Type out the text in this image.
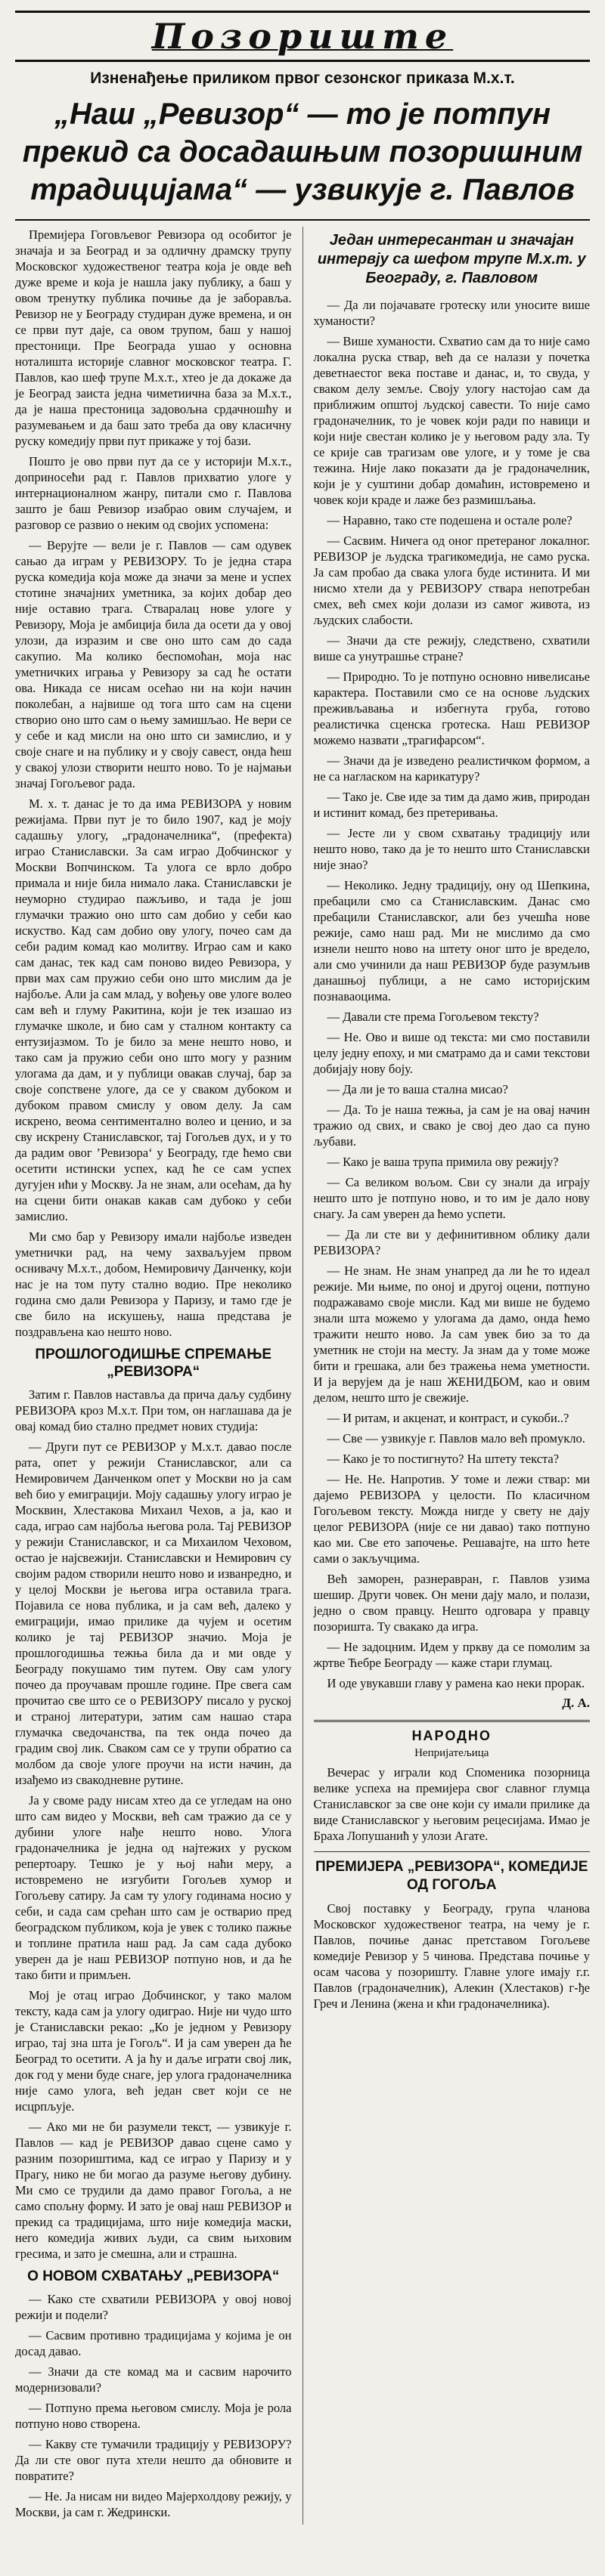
Позориште
Изненађење приликом првог сезонског приказа М.х.т.
„Наш „Ревизор“ — то је потпун прекид са досадашњим позоришним традицијама“ — узвикује г. Павлов

Премијера Гоговљевог Ревизора од особитог је значаја и за Београд и за одличну драмску трупу Московског художественог театра која је овде већ дуже време и која је нашла јаку публику, а баш у овом тренутку публика почиње да је заборавља. Ревизор не у Београду студиран дуже времена, и он се први пут даје, са овом трупом, баш у нашој престоници. Пре Београда ушао у основна ноталишта историје славног московског театра. Г. Павлов, као шеф трупе М.х.т., хтео је да докаже да је Београд заиста једна чиметиична база за М.х.т., да је наша престоница задовољна срдачношћу и разумевањем и да баш зато треба да ову класичну руску комедију први пут прикаже у тој бази.

Пошто је ово први пут да се у историји М.х.т., доприносећи рад г. Павлов прихватио улоге у интернационалном жанру, питали смо г. Павлова зашто је баш Ревизор изабрао овим случајем, и разговор се развио о неким од својих успомена:

— Верујте — вели је г. Павлов — сам одувек сањао да играм у РЕВИЗОРУ. То је једна стара руска комедија која може да значи за мене и успех стотине значајних уметника, за којих добар део није оставио трага. Стваралац нове улоге у Ревизору, Моја је амбиција била да осети да у овој улози, да изразим и све оно што сам до сада сакупио. Ма колико беспомоћан, моја нас уметничких играња у Ревизору за сад ће остати ова. Никада се нисам осећао ни на који начин поколебан, а највише од тога што сам на сцени створио оно што сам о њему замишљао. Не вери се у себе и кад мисли на оно што си замислио, и у своје снаге и на публику и у своју савест, онда ћеш у свакој улози створити нешто ново. То је најмањи значај Гогољевог рада.

М. х. т. данас је то да има РЕВИЗОРА у новим режијама. Први пут је то било 1907, кад је моју садашњу улогу, „градоначелника“, (префекта) играо Станиславски. За сам играо Добчинског у Москви Вопчинском. Та улога се врло добро примала и није била нимало лака. Станиславски је неуморно студирао пажљиво, и тада је још глумачки тражио оно што сам добио у себи као искуство. Кад сам добио ову улогу, почео сам да себи радим комад као молитву. Играо сам и како сам данас, тек кад сам поново видео Ревизора, у први мах сам пружио себи оно што мислим да је најбоље. Али ја сам млад, у вођењу ове улоге волео сам већ и глуму Ракитина, који је тек изашао из глумачке школе, и био сам у сталном контакту са ентузијазмом. То је било за мене нешто ново, и тако сам ја пружио себи оно што могу у разним улогама да дам, и у публици овакав случај, бар за своје сопствене улоге, да се у сваком дубоком и дубоком правом смислу у овом делу. Ја сам искрено, веома сентиментално волео и ценио, и за сву искрену Станиславског, тај Гогољев дух, и у то да радим овог ’Ревизора‘ у Београду, где ћемо сви осетити истински успех, кад ће се сам успех дугујен ићи у Москву. Ја не знам, али осећам, да ћу на сцени бити онакав какав сам дубоко у себи замислио.

Ми смо бар у Ревизору имали најбоље изведен уметнички рад, на чему захваљујем првом оснивачу М.х.т., добом, Немировичу Данченку, који нас је на том путу стално водио. Пре неколико година смо дали Ревизора у Паризу, и тамо где је све било на искушењу, наша представа је поздрављена као нешто ново.

ПРОШЛОГОДИШЊЕ СПРЕМАЊЕ „РЕВИЗОРА“

Затим г. Павлов наставља да прича даљу судбину РЕВИЗОРА кроз М.х.т. При том, он наглашава да је овај комад био стално предмет нових студија:

— Други пут се РЕВИЗОР у М.х.т. давао после рата, опет у режији Станиславског, али са Немировичем Данченком опет у Москви но ја сам већ био у емиграцији. Моју садашњу улогу играо је Москвин, Хлестакова Михаил Чехов, а ја, као и сада, играо сам најбоља његова рола. Тај РЕВИЗОР у режији Станиславског, и са Михаилом Чеховом, остао је најсвежији. Станиславски и Немирович су својим радом створили нешто ново и изванредно, и у целој Москви је његова игра оставила трага. Појавила се нова публика, и ја сам већ, далеко у емиграцији, имао прилике да чујем и осетим колико је тај РЕВИЗОР значио. Моја је прошлогодишња тежња била да и ми овде у Београду покушамо тим путем. Ову сам улогу почео да проучавам прошле године. Пре свега сам прочитао све што се о РЕВИЗОРУ писало у руској и страној литератури, затим сам нашао стара глумачка сведочанства, па тек онда почео да градим свој лик. Сваком сам се у трупи обратио са молбом да своје улоге проучи на исти начин, да изађемо из свакодневне рутине.

Ја у своме раду нисам хтео да се угледам на оно што сам видео у Москви, већ сам тражио да се у дубини улоге нађе нешто ново. Улога градоначелника је једна од најтежих у руском репертоару. Тешко је у њој наћи меру, а истовремено не изгубити Гогољев хумор и Гогољеву сатиру. Ја сам ту улогу годинама носио у себи, и сада сам срећан што сам је остварио пред београдском публиком, која је увек с толико пажње и топлине пратила наш рад. Ја сам сада дубоко уверен да је наш РЕВИЗОР потпуно нов, и да ће тако бити и примљен.

Мој је отац играо Добчинског, у тако малом тексту, када сам ја улогу одиграо. Није ни чудо што је Станиславски рекао: „Ко је једном у Ревизору играо, тај зна шта је Гогољ“. И ја сам уверен да ће Београд то осетити. А ја ћу и даље играти свој лик, док год у мени буде снаге, јер улога градоначелника није само улога, већ један свет који се не исцрпљује.

— Ако ми не би разумели текст, — узвикује г. Павлов — кад је РЕВИЗОР давао сцене само у разним позориштима, кад се играо у Паризу и у Прагу, нико не би могао да разуме његову дубину. Ми смо се трудили да дамо правог Гогоља, а не само спољну форму. И зато је овај наш РЕВИЗОР и прекид са традицијама, што није комедија маски, него комедија живих људи, са свим њиховим гресима, и зато је смешна, али и страшна.

О НОВОМ СХВАТАЊУ „РЕВИЗОРА“

— Како сте схватили РЕВИЗОРА у овој новој режији и подели?

— Сасвим противно традицијама у којима је он досад давао.

— Значи да сте комад ма и сасвим нарочито модернизовали?

— Потпуно према његовом смислу. Моја је рола потпуно ново створена.

— Какву сте тумачили традицију у РЕВИЗОРУ? Да ли сте овог пута хтели нешто да обновите и повратите?

— Не. Ја нисам ни видео Мајерхолдову режију, у Москви, ја сам г. Жедрински.

Један интересантан и значајан интервју са шефом трупе М.х.т. у Београду, г. Павловом

— Да ли појачавате гротеску или уносите више хуманости?

— Више хуманости. Схватио сам да то није само локална руска ствар, већ да се налази у почетка деветнаестог века поставе и данас, и, то свуда, у сваком делу земље. Своју улогу настојао сам да приближим општој људској савести. То није само градоначелник, то је човек који ради по навици и који није свестан колико је у његовом раду зла. Ту се крије сав трагизам ове улоге, и у томе је сва тежина. Није лако показати да је градоначелник, који је у суштини добар домаћин, истовремено и човек који краде и лаже без размишљања.

— Наравно, тако сте подешена и остале роле?

— Сасвим. Ничега од оног претераног локалног. РЕВИЗОР је људска трагикомедија, не само руска. Ја сам пробао да свака улога буде истинита. И ми нисмо хтели да у РЕВИЗОРУ ствара непотребан смех, већ смех који долази из самог живота, из људских слабости.

— Значи да сте режију, следствено, схватили више са унутрашње стране?

— Природно. То је потпуно основно нивелисање карактера. Поставили смо се на основе људских преживљавања и избегнута груба, готово реалистичка сценска гротеска. Наш РЕВИЗОР можемо назвати „трагифарсом“.

— Значи да је изведено реалистичком формом, а не са нагласком на карикатуру?

— Тако је. Све иде за тим да дамо жив, природан и истинит комад, без претеривања.

— Јесте ли у свом схватању традицију или нешто ново, тако да је то нешто што Станиславски није знао?

— Неколико. Једну традицију, ону од Шепкина, пребацили смо са Станиславским. Данас смо пребацили Станиславског, али без учешћа нове режије, само наш рад. Ми не мислимо да смо изнели нешто ново на штету оног што је вредело, али смо учинили да наш РЕВИЗОР буде разумљив данашњој публици, а не само историјским познаваоцима.

— Давали сте према Гогољевом тексту?

— Не. Ово и више од текста: ми смо поставили целу једну епоху, и ми сматрамо да и сами текстови добијају нову боју.

— Да ли је то ваша стална мисао?

— Да. То је наша тежња, ја сам је на овај начин тражио од свих, и свако је свој део дао са пуно љубави.

— Како је ваша трупа примила ову режију?

— Са великом вољом. Сви су знали да играју нешто што је потпуно ново, и то им је дало нову снагу. Ја сам уверен да ћемо успети.

— Да ли сте ви у дефинитивном облику дали РЕВИЗОРА?

— Не знам. Не знам унапред да ли ће то идеал режије. Ми њиме, по оној и другој оцени, потпуно подражавамо своје мисли. Кад ми више не будемо знали шта можемо у улогама да дамо, онда ћемо тражити нешто ново. Ја сам увек био за то да уметник не стоји на месту. Ја знам да у томе може бити и грешака, али без тражења нема уметности. И ја верујем да је наш ЖЕНИДБОМ, као и овим делом, нешто што је свежије.

— И ритам, и акценат, и контраст, и сукоби..?

— Све — узвикује г. Павлов мало већ промукло.

— Како је то постигнуто? На штету текста?

— Не. Не. Напротив. У томе и лежи ствар: ми дајемо РЕВИЗОРА у целости. По класичном Гогољевом тексту. Можда нигде у свету не дају целог РЕВИЗОРА (није се ни давао) тако потпуно као ми. Све ето започење. Решавајте, на што ћете сами о закључцима.

Већ заморен, разнеравран, г. Павлов узима шешир. Други човек. Он мени дају мало, и полази, једно о свом правцу. Нешто одговара у правцу позоришта. Ту свакако да игра.

— Не задоцним. Идем у пркву да се помолим за жртве Ћебре Београду — каже стари глумац.

И оде увукавши главу у рамена као неки прорак.

Д. А.
НАРОДНО
Непријатељица

Вечерас у играли код Споменика позорница велике успеха на премијера свог славног глумца Станиславског за све оне који су имали прилике да виде Станиславског у његовим рецесијама. Имао је Браха Лопушанић у улози Агате.

ПРЕМИЈЕРА „РЕВИЗОРА“, КОМЕДИЈЕ ОД ГОГОЉА

Свој поставку у Београду, група чланова Московског художественог театра, на чему је г. Павлов, почиње данас претставом Гогољеве комедије Ревизор у 5 чинова. Представа почиње у осам часова у позоришту. Главне улоге имају г.г. Павлов (градоначелник), Алекин (Хлестаков) г-ђе Греч и Ленина (жена и кћи градоначелника).
